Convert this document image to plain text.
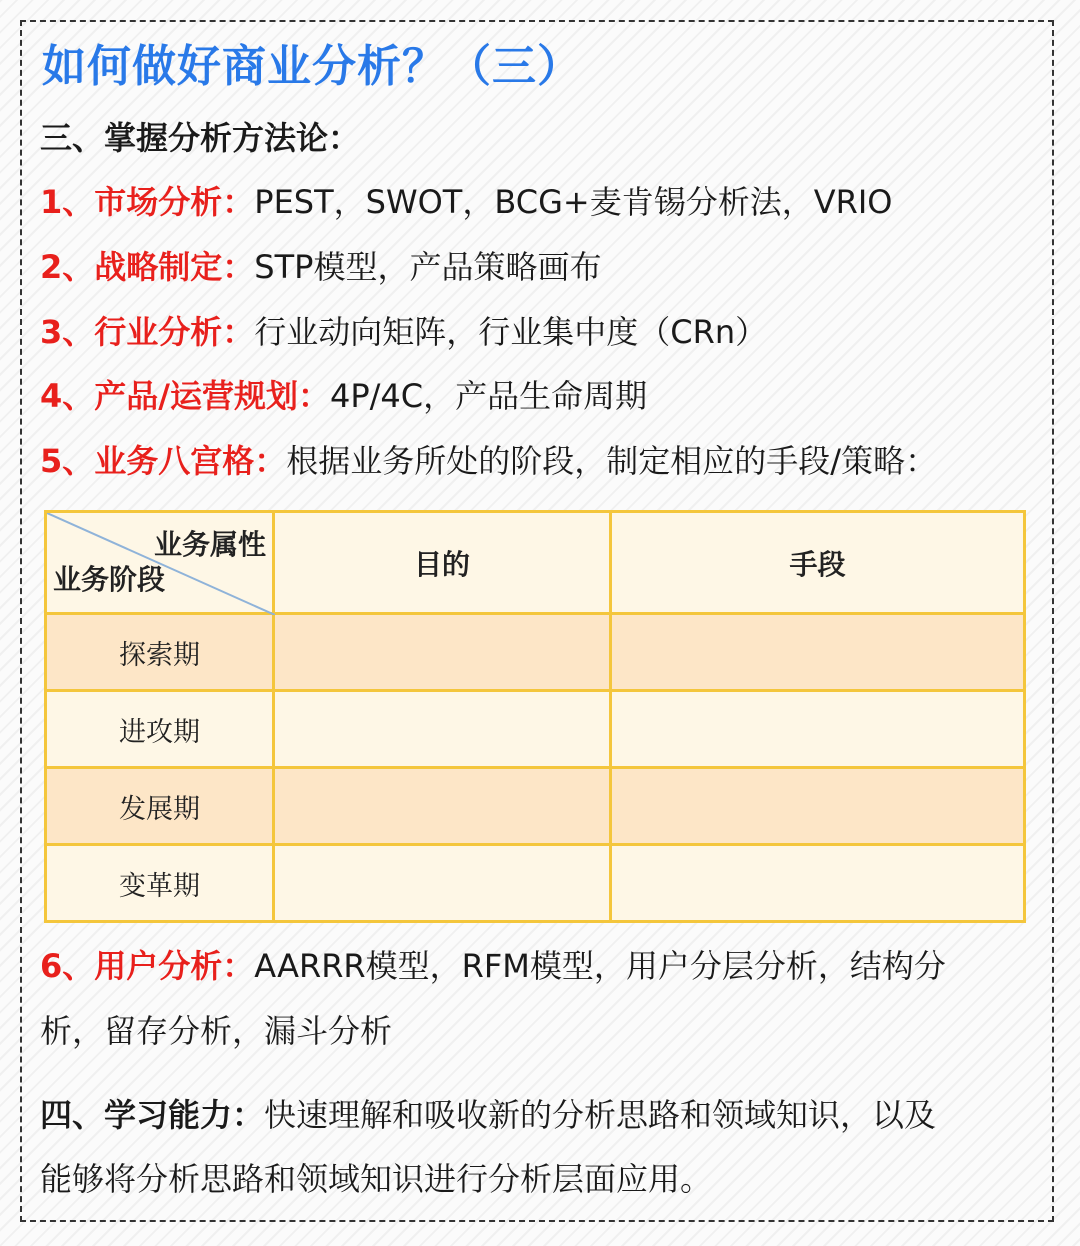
如何做好商业分析？（三）
三、掌握分析方法论：
1、市场分析：PEST，SWOT，BCG+麦肯锡分析法，VRIO
2、战略制定：STP模型，产品策略画布
3、行业分析：行业动向矩阵，行业集中度（CRn）
4、产品/运营规划：4P/4C，产品生命周期
5、业务八宫格：根据业务所处的阶段，制定相应的手段/策略：
业务属性
业务阶段	目的	手段
探索期
进攻期
发展期
变革期
6、用户分析：AARRR模型，RFM模型，用户分层分析，结构分
析，留存分析，漏斗分析
四、学习能力：快速理解和吸收新的分析思路和领域知识，以及
能够将分析思路和领域知识进行分析层面应用。
